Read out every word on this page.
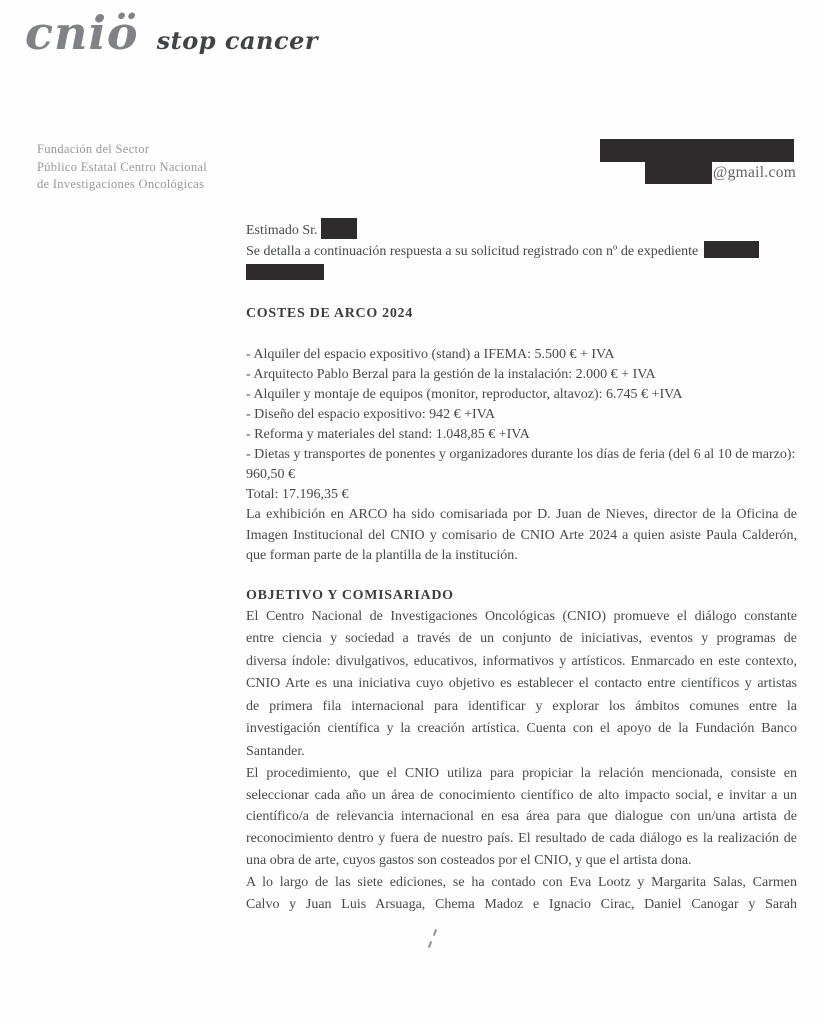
cniö stop cancer
Fundación del Sector
Público Estatal Centro Nacional
de Investigaciones Oncológicas
@gmail.com

Estimado Sr.

Se detalla a continuación respuesta a su solicitud registrado con nº de expediente

COSTES DE ARCO 2024
- Alquiler del espacio expositivo (stand) a IFEMA: 5.500 € + IVA
- Arquitecto Pablo Berzal para la gestión de la instalación: 2.000 € + IVA
- Alquiler y montaje de equipos (monitor, reproductor, altavoz): 6.745 € +IVA
- Diseño del espacio expositivo: 942 € +IVA
- Reforma y materiales del stand: 1.048,85 € +IVA
- Dietas y transportes de ponentes y organizadores durante los días de feria (del 6 al 10 de marzo): 960,50 €
Total: 17.196,35 €

La exhibición en ARCO ha sido comisariada por D. Juan de Nieves, director de la Oficina de Imagen Institucional del CNIO y comisario de CNIO Arte 2024 a quien asiste Paula Calderón, que forman parte de la plantilla de la institución.

OBJETIVO Y COMISARIADO

El Centro Nacional de Investigaciones Oncológicas (CNIO) promueve el diálogo constante entre ciencia y sociedad a través de un conjunto de iniciativas, eventos y programas de diversa índole: divulgativos, educativos, informativos y artísticos. Enmarcado en este contexto, CNIO Arte es una iniciativa cuyo objetivo es establecer el contacto entre científicos y artistas de primera fila internacional para identificar y explorar los ámbitos comunes entre la investigación científica y la creación artística. Cuenta con el apoyo de la Fundación Banco Santander.

El procedimiento, que el CNIO utiliza para propiciar la relación mencionada, consiste en seleccionar cada año un área de conocimiento científico de alto impacto social, e invitar a un científico/a de relevancia internacional en esa área para que dialogue con un/una artista de reconocimiento dentro y fuera de nuestro país. El resultado de cada diálogo es la realización de una obra de arte, cuyos gastos son costeados por el CNIO, y que el artista dona.

A lo largo de las siete ediciones, se ha contado con Eva Lootz y Margarita Salas, Carmen Calvo y Juan Luis Arsuaga, Chema Madoz e Ignacio Cirac, Daniel Canogar y Sarah
